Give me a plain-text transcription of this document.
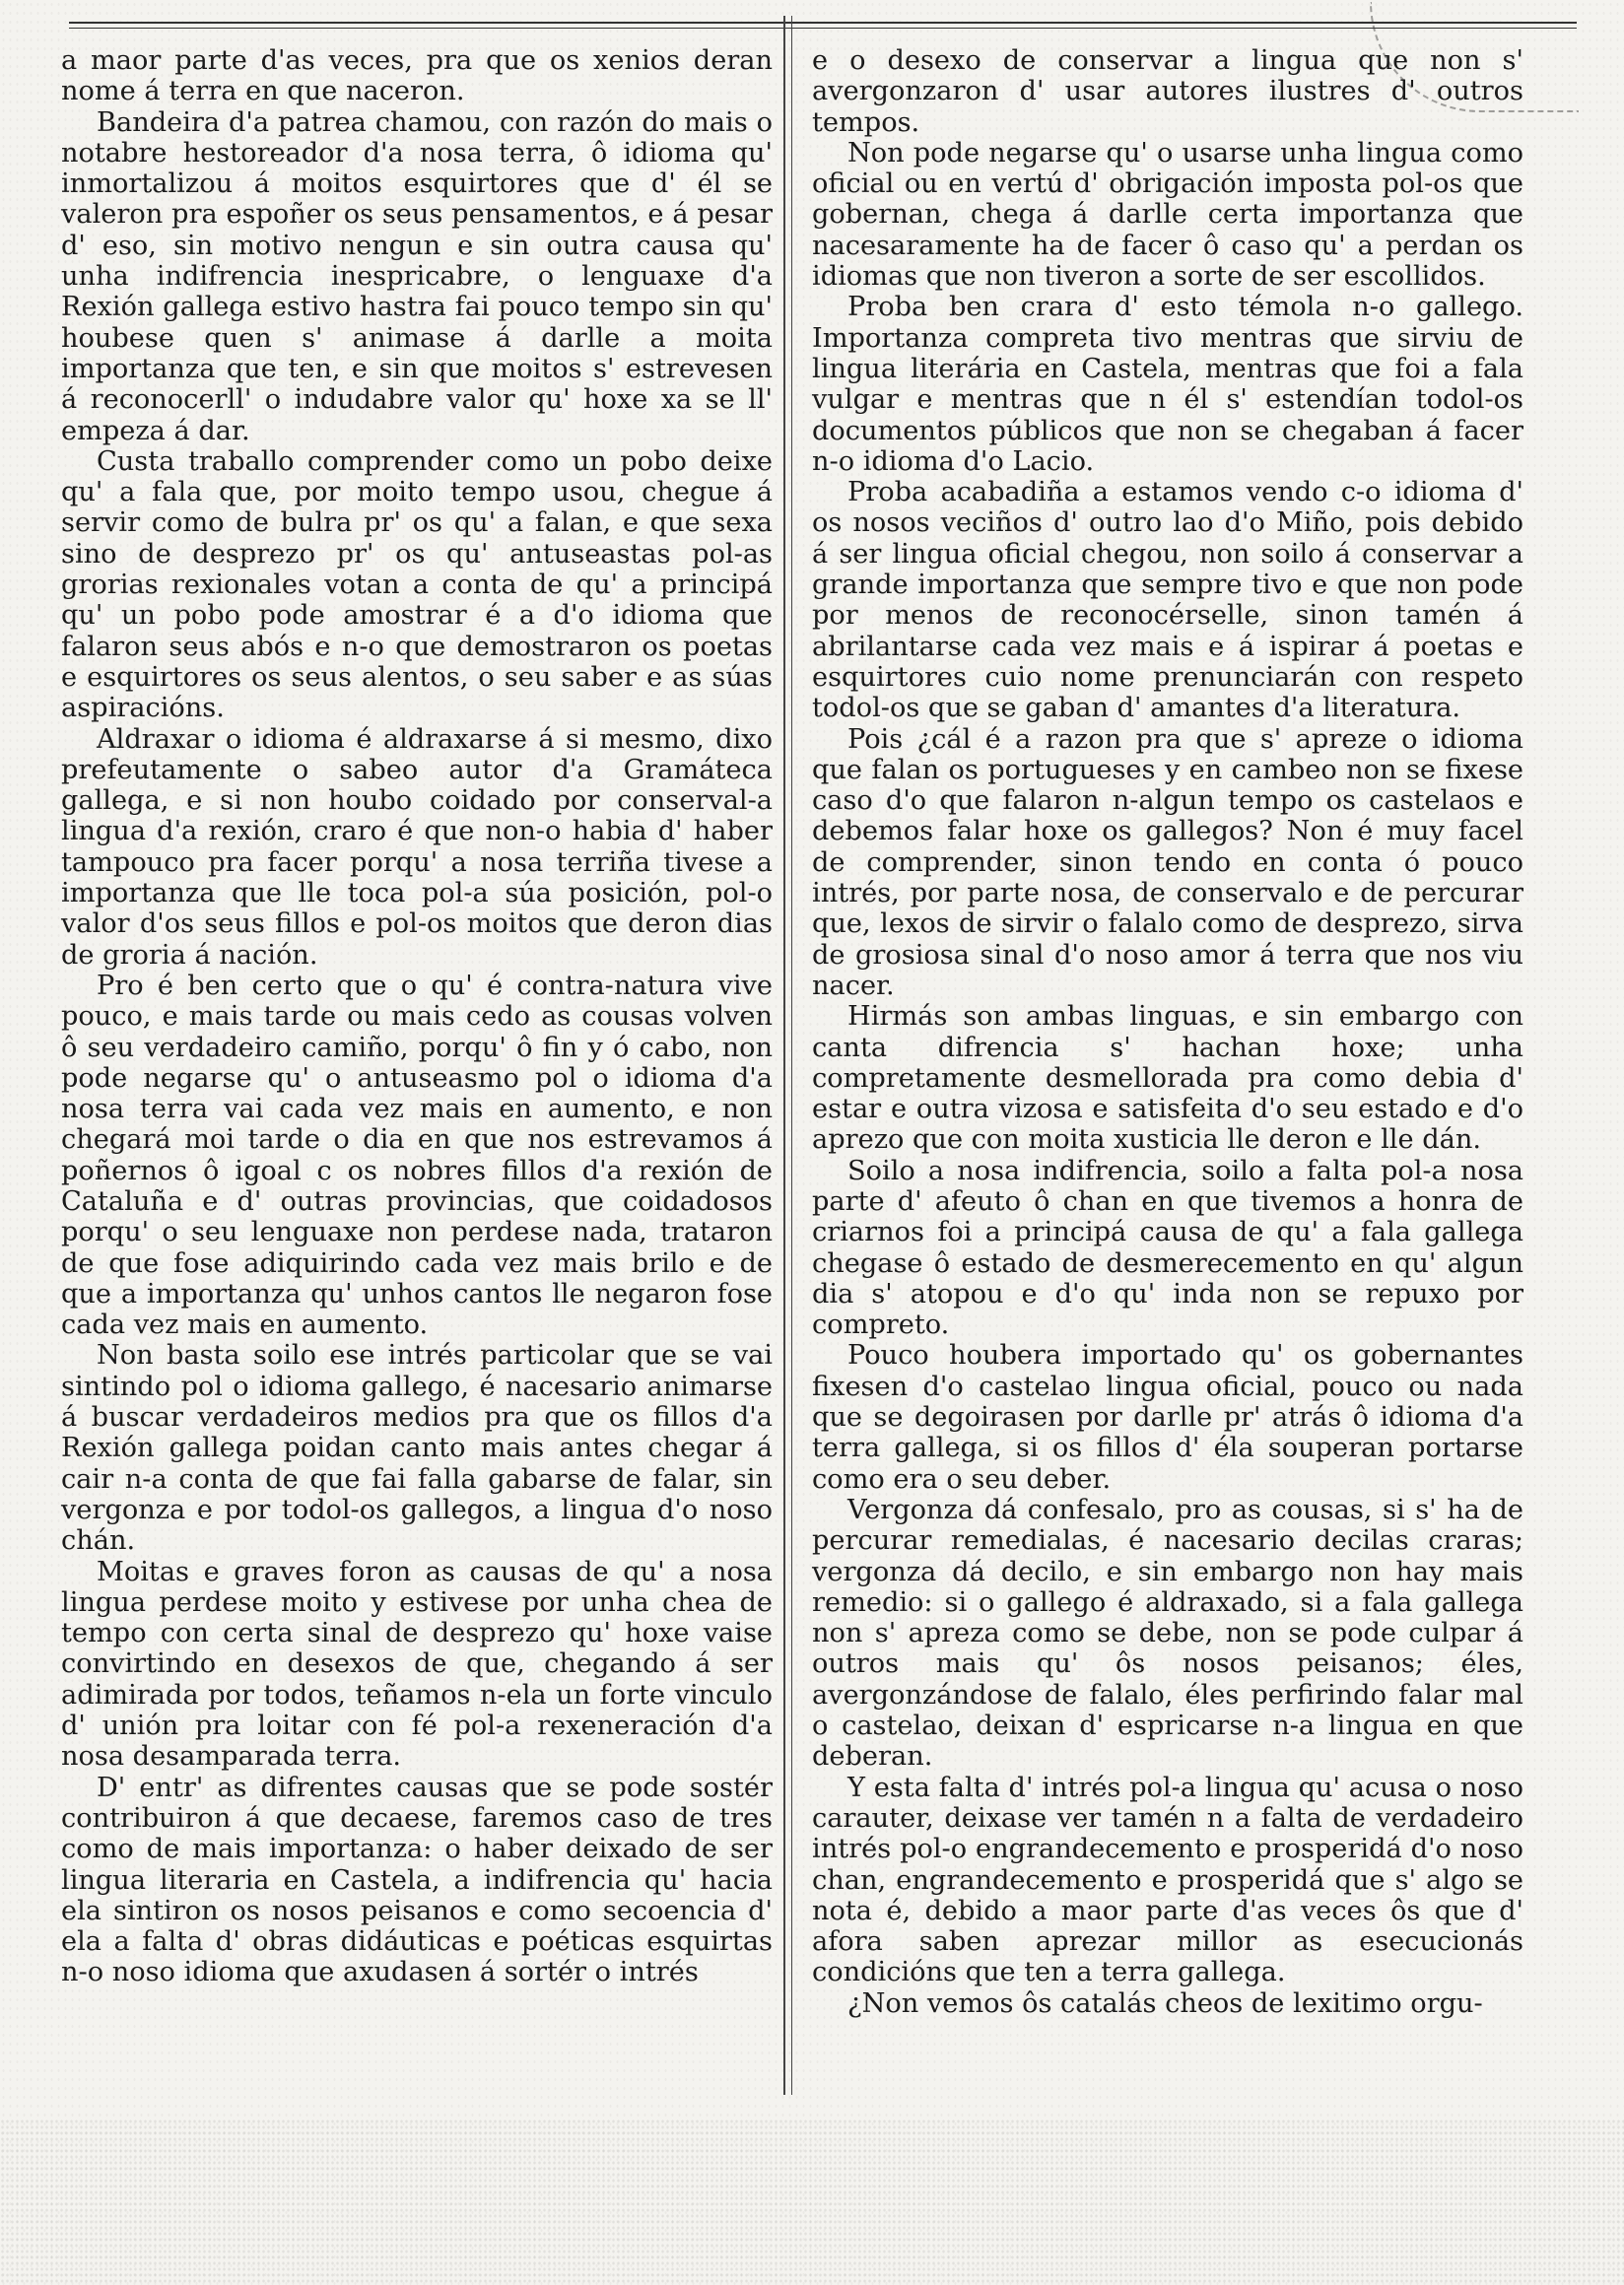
a maor parte d'as veces, pra que os xenios deran nome á terra en que naceron.

Bandeira d'a patrea chamou, con razón do mais o notabre hestoreador d'a nosa terra, ô idioma qu' inmortalizou á moitos esquirtores que d' él se valeron pra espoñer os seus pensamentos, e á pesar d' eso, sin motivo nengun e sin outra causa qu' unha indifrencia inespricabre, o lenguaxe d'a Rexión gallega estivo hastra fai pouco tempo sin qu' houbese quen s' animase á darlle a moita importanza que ten, e sin que moitos s' estrevesen á reconocerll' o indudabre valor qu' hoxe xa se ll' empeza á dar.

Custa traballo comprender como un pobo deixe qu' a fala que, por moito tempo usou, chegue á servir como de bulra pr' os qu' a falan, e que sexa sino de desprezo pr' os qu' antuseastas pol-as grorias rexionales votan a conta de qu' a principá qu' un pobo pode amostrar é a d'o idioma que falaron seus abós e n-o que demostraron os poetas e esquirtores os seus alentos, o seu saber e as súas aspiracións.

Aldraxar o idioma é aldraxarse á si mesmo, dixo prefeutamente o sabeo autor d'a Gramáteca gallega, e si non houbo coidado por conserval-a lingua d'a rexión, craro é que non-o habia d' haber tampouco pra facer porqu' a nosa terriña tivese a importanza que lle toca pol-a súa posición, pol-o valor d'os seus fillos e pol-os moitos que deron dias de groria á nación.

Pro é ben certo que o qu' é contra-natura vive pouco, e mais tarde ou mais cedo as cousas volven ô seu verdadeiro camiño, porqu' ô fin y ó cabo, non pode negarse qu' o antuseasmo pol o idioma d'a nosa terra vai cada vez mais en aumento, e non chegará moi tarde o dia en que nos estrevamos á poñernos ô igoal c os nobres fillos d'a rexión de Cataluña e d' outras provincias, que coidadosos porqu' o seu lenguaxe non perdese nada, trataron de que fose adiquirindo cada vez mais brilo e de que a importanza qu' unhos cantos lle negaron fose cada vez mais en aumento.

Non basta soilo ese intrés particolar que se vai sintindo pol o idioma gallego, é nacesario animarse á buscar verdadeiros medios pra que os fillos d'a Rexión gallega poidan canto mais antes chegar á cair n-a conta de que fai falla gabarse de falar, sin vergonza e por todol-os gallegos, a lingua d'o noso chán.

Moitas e graves foron as causas de qu' a nosa lingua perdese moito y estivese por unha chea de tempo con certa sinal de desprezo qu' hoxe vaise convirtindo en desexos de que, chegando á ser adimirada por todos, teñamos n-ela un forte vinculo d' unión pra loitar con fé pol-a rexeneración d'a nosa desamparada terra.

D' entr' as difrentes causas que se pode sostér contribuiron á que decaese, faremos caso de tres como de mais importanza: o haber deixado de ser lingua literaria en Castela, a indifrencia qu' hacia ela sintiron os nosos peisanos e como secoencia d' ela a falta d' obras didáuticas e poéticas esquirtas n-o noso idioma que axudasen á sortér o intrés

e o desexo de conservar a lingua que non s' avergonzaron d' usar autores ilustres d' outros tempos.

Non pode negarse qu' o usarse unha lingua como oficial ou en vertú d' obrigación imposta pol-os que gobernan, chega á darlle certa importanza que nacesaramente ha de facer ô caso qu' a perdan os idiomas que non tiveron a sorte de ser escollidos.

Proba ben crara d' esto témola n-o gallego. Importanza compreta tivo mentras que sirviu de lingua literária en Castela, mentras que foi a fala vulgar e mentras que n él s' estendían todol-os documentos públicos que non se chegaban á facer n-o idioma d'o Lacio.

Proba acabadiña a estamos vendo c-o idioma d' os nosos veciños d' outro lao d'o Miño, pois debido á ser lingua oficial chegou, non soilo á conservar a grande importanza que sempre tivo e que non pode por menos de reconocérselle, sinon tamén á abrilantarse cada vez mais e á ispirar á poetas e esquirtores cuio nome prenunciarán con respeto todol-os que se gaban d' amantes d'a literatura.

Pois ¿cál é a razon pra que s' apreze o idioma que falan os portugueses y en cambeo non se fixese caso d'o que falaron n-algun tempo os castelaos e debemos falar hoxe os gallegos? Non é muy facel de comprender, sinon tendo en conta ó pouco intrés, por parte nosa, de conservalo e de percurar que, lexos de sirvir o falalo como de desprezo, sirva de grosiosa sinal d'o noso amor á terra que nos viu nacer.

Hirmás son ambas linguas, e sin embargo con canta difrencia s' hachan hoxe; unha compretamente desmellorada pra como debia d' estar e outra vizosa e satisfeita d'o seu estado e d'o aprezo que con moita xusticia lle deron e lle dán.

Soilo a nosa indifrencia, soilo a falta pol-a nosa parte d' afeuto ô chan en que tivemos a honra de criarnos foi a principá causa de qu' a fala gallega chegase ô estado de desmerecemento en qu' algun dia s' atopou e d'o qu' inda non se repuxo por compreto.

Pouco houbera importado qu' os gobernantes fixesen d'o castelao lingua oficial, pouco ou nada que se degoirasen por darlle pr' atrás ô idioma d'a terra gallega, si os fillos d' éla souperan portarse como era o seu deber.

Vergonza dá confesalo, pro as cousas, si s' ha de percurar remedialas, é nacesario decilas craras; vergonza dá decilo, e sin embargo non hay mais remedio: si o gallego é aldraxado, si a fala gallega non s' apreza como se debe, non se pode culpar á outros mais qu' ôs nosos peisanos; éles, avergonzándose de falalo, éles perfirindo falar mal o castelao, deixan d' espricarse n-a lingua en que deberan.

Y esta falta d' intrés pol-a lingua qu' acusa o noso carauter, deixase ver tamén n a falta de verdadeiro intrés pol-o engrandecemento e prosperidá d'o noso chan, engrandecemento e prosperidá que s' algo se nota é, debido a maor parte d'as veces ôs que d' afora saben aprezar millor as esecucionás condicións que ten a terra gallega.

¿Non vemos ôs catalás cheos de lexitimo orgu-
